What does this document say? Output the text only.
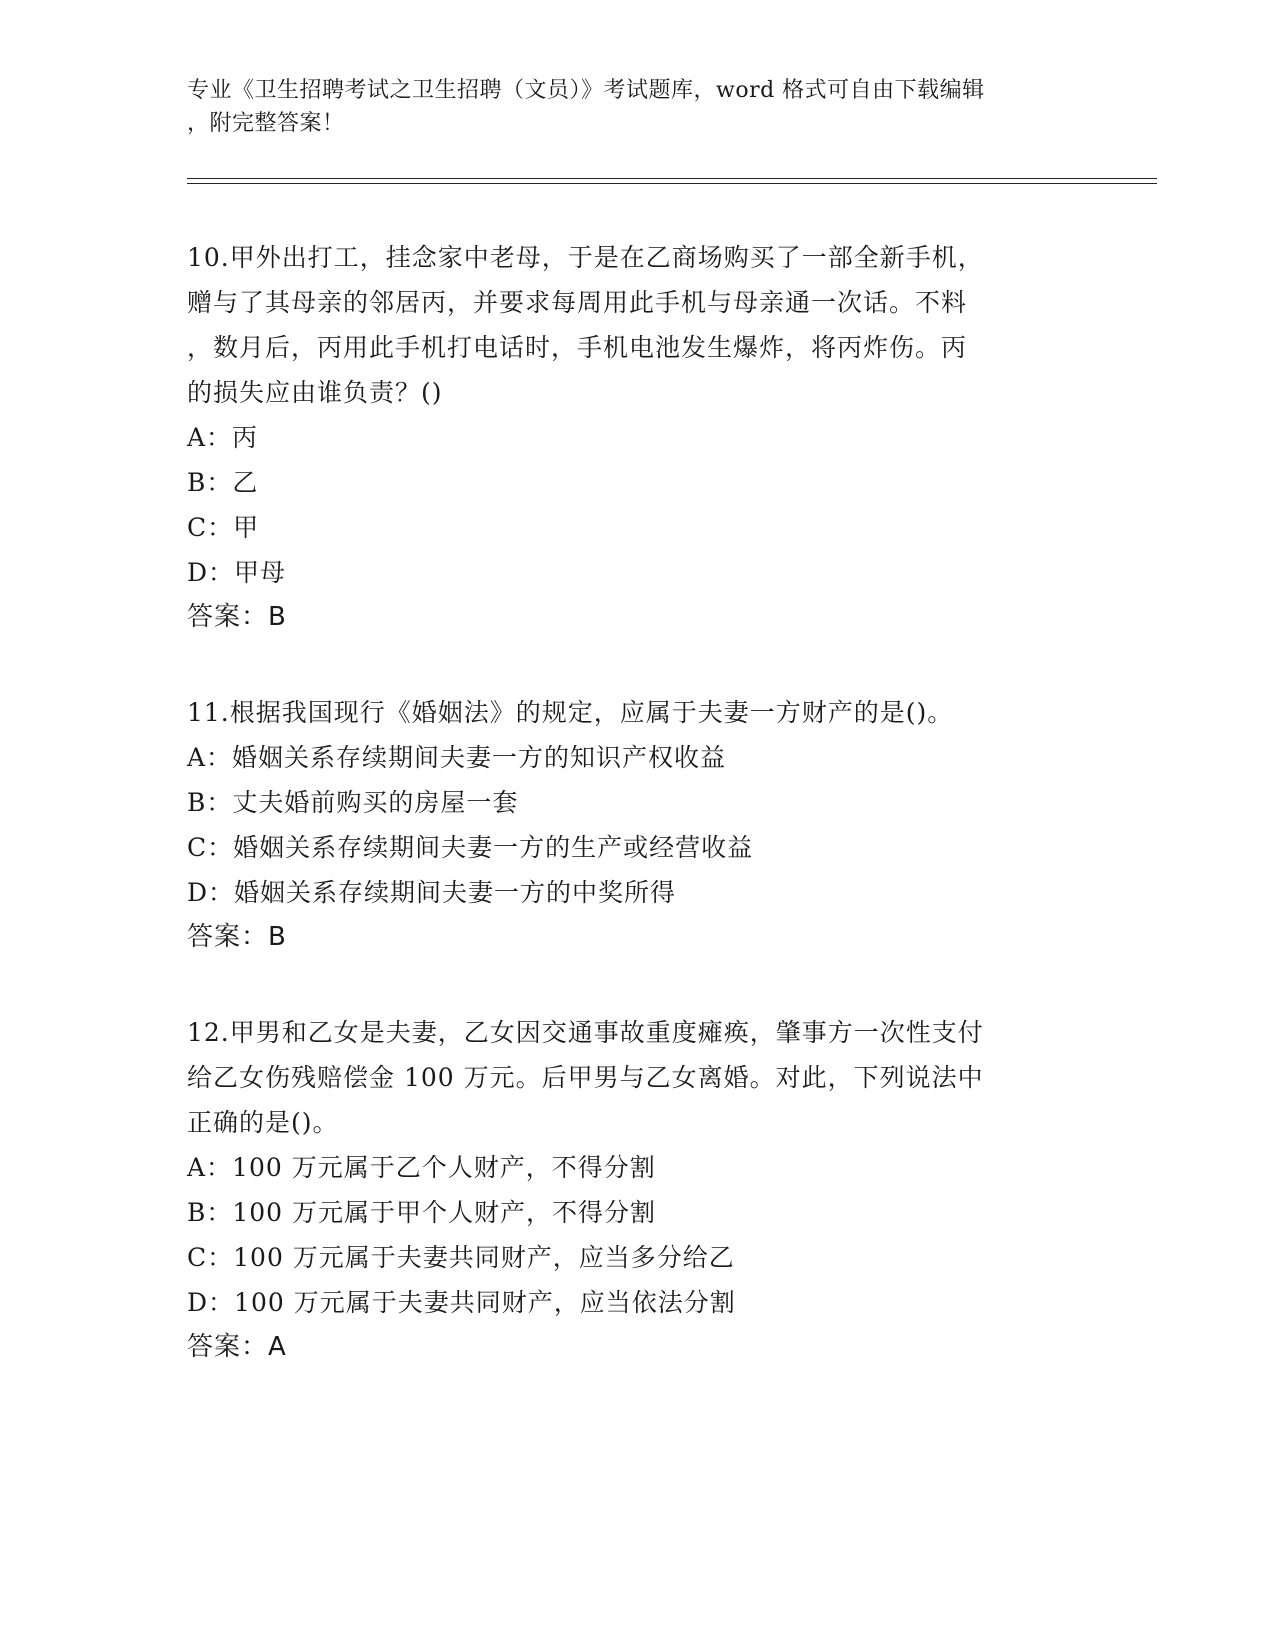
专业《卫生招聘考试之卫生招聘（文员）》考试题库，word 格式可自由下载编辑
，附完整答案！

10.甲外出打工，挂念家中老母，于是在乙商场购买了一部全新手机，
赠与了其母亲的邻居丙，并要求每周用此手机与母亲通一次话。不料
，数月后，丙用此手机打电话时，手机电池发生爆炸，将丙炸伤。丙
的损失应由谁负责？()

A：丙
B：乙
C：甲
D：甲母
答案：B

11.根据我国现行《婚姻法》的规定，应属于夫妻一方财产的是()。

A：婚姻关系存续期间夫妻一方的知识产权收益
B：丈夫婚前购买的房屋一套
C：婚姻关系存续期间夫妻一方的生产或经营收益
D：婚姻关系存续期间夫妻一方的中奖所得
答案：B

12.甲男和乙女是夫妻，乙女因交通事故重度瘫痪，肇事方一次性支付
给乙女伤残赔偿金 100 万元。后甲男与乙女离婚。对此，下列说法中
正确的是()。

A：100 万元属于乙个人财产，不得分割
B：100 万元属于甲个人财产，不得分割
C：100 万元属于夫妻共同财产，应当多分给乙
D：100 万元属于夫妻共同财产，应当依法分割
答案：A
